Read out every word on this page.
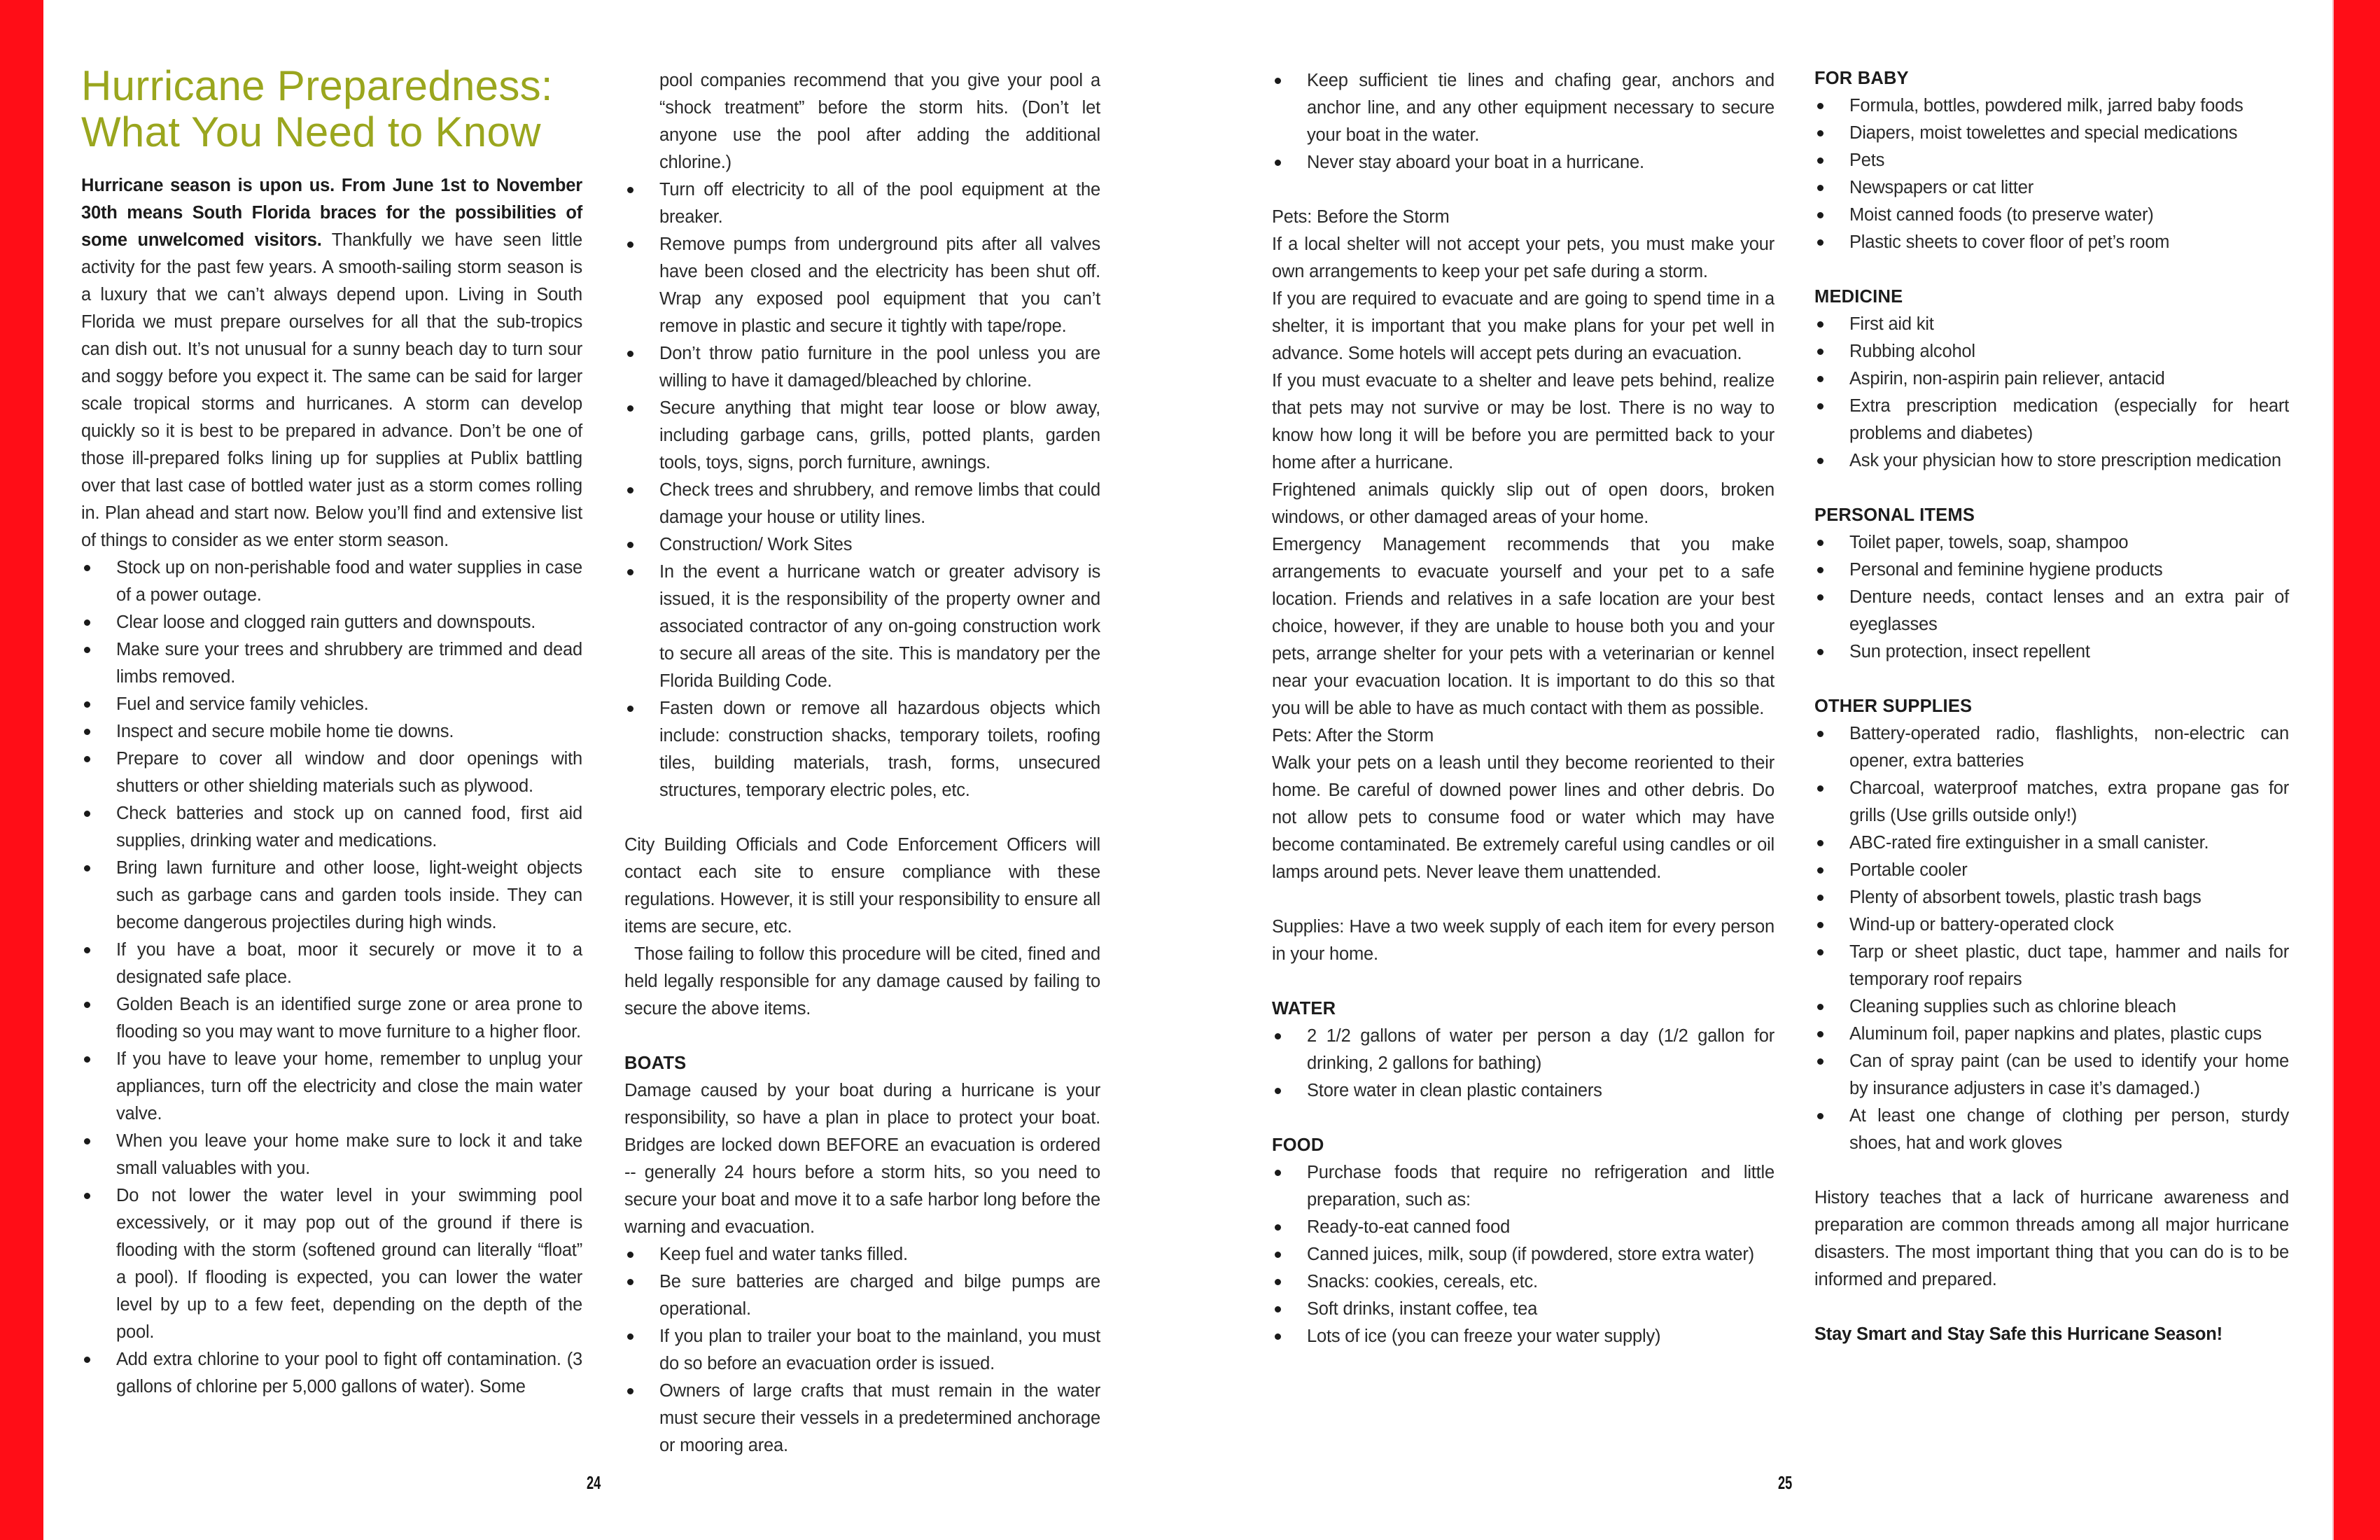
Hurricane Preparedness:
What You Need to Know

Hurricane season is upon us. From June 1st to November 30th means South Florida braces for the possibilities of some unwelcomed visitors. Thankfully we have seen little activity for the past few years. A smooth-sailing storm season is a luxury that we can’t always depend upon. Living in South Florida we must prepare ourselves for all that the sub-tropics can dish out. It’s not unusual for a sunny beach day to turn sour and soggy before you expect it. The same can be said for larger scale tropical storms and hurricanes. A storm can develop quickly so it is best to be prepared in advance. Don’t be one of those ill-prepared folks lining up for supplies at Publix battling over that last case of bottled water just as a storm comes rolling in. Plan ahead and start now. Below you’ll find and extensive list of things to consider as we enter storm season.

Stock up on non-perishable food and water supplies in case of a power outage.
Clear loose and clogged rain gutters and downspouts.
Make sure your trees and shrubbery are trimmed and dead limbs removed.
Fuel and service family vehicles.
Inspect and secure mobile home tie downs.
Prepare to cover all window and door openings with shutters or other shielding materials such as plywood.
Check batteries and stock up on canned food, first aid supplies, drinking water and medications.
Bring lawn furniture and other loose, light-weight objects such as garbage cans and garden tools inside. They can become dangerous projectiles during high winds.
If you have a boat, moor it securely or move it to a designated safe place.
Golden Beach is an identified surge zone or area prone to flooding so you may want to move furniture to a higher floor.
If you have to leave your home, remember to unplug your appliances, turn off the electricity and close the main water valve.
When you leave your home make sure to lock it and take small valuables with you.
Do not lower the water level in your swimming pool excessively, or it may pop out of the ground if there is flooding with the storm (softened ground can literally “float” a pool). If flooding is expected, you can lower the water level by up to a few feet, depending on the depth of the pool.
Add extra chlorine to your pool to fight off contamination. (3 gallons of chlorine per 5,000 gallons of water). Some

pool companies recommend that you give your pool a “shock treatment” before the storm hits. (Don’t let anyone use the pool after adding the additional chlorine.)

Turn off electricity to all of the pool equipment at the breaker.
Remove pumps from underground pits after all valves have been closed and the electricity has been shut off. Wrap any exposed pool equipment that you can’t remove in plastic and secure it tightly with tape/rope.
Don’t throw patio furniture in the pool unless you are willing to have it damaged/bleached by chlorine.
Secure anything that might tear loose or blow away, including garbage cans, grills, potted plants, garden tools, toys, signs, porch furniture, awnings.
Check trees and shrubbery, and remove limbs that could damage your house or utility lines.
Construction/ Work Sites
In the event a hurricane watch or greater advisory is issued, it is the responsibility of the property owner and associated contractor of any on-going construction work to secure all areas of the site. This is mandatory per the Florida Building Code.
Fasten down or remove all hazardous objects which include: construction shacks, temporary toilets, roofing tiles, building materials, trash, forms, unsecured structures, temporary electric poles, etc.

City Building Officials and Code Enforcement Officers will contact each site to ensure compliance with these regulations. However, it is still your responsibility to ensure all items are secure, etc.

Those failing to follow this procedure will be cited, fined and held legally responsible for any damage caused by failing to secure the above items.

BOATS

Damage caused by your boat during a hurricane is your responsibility, so have a plan in place to protect your boat. Bridges are locked down BEFORE an evacuation is ordered -- generally 24 hours before a storm hits, so you need to secure your boat and move it to a safe harbor long before the warning and evacuation.

Keep fuel and water tanks filled.
Be sure batteries are charged and bilge pumps are operational.
If you plan to trailer your boat to the mainland, you must do so before an evacuation order is issued.
Owners of large crafts that must remain in the water must secure their vessels in a predetermined anchorage or mooring area.
24
Keep sufficient tie lines and chafing gear, anchors and anchor line, and any other equipment necessary to secure your boat in the water.
Never stay aboard your boat in a hurricane.

Pets: Before the Storm

If a local shelter will not accept your pets, you must make your own arrangements to keep your pet safe during a storm.

If you are required to evacuate and are going to spend time in a shelter, it is important that you make plans for your pet well in advance. Some hotels will accept pets during an evacuation.

If you must evacuate to a shelter and leave pets behind, realize that pets may not survive or may be lost. There is no way to know how long it will be before you are permitted back to your home after a hurricane.

Frightened animals quickly slip out of open doors, broken windows, or other damaged areas of your home.

Emergency Management recommends that you make arrangements to evacuate yourself and your pet to a safe location. Friends and relatives in a safe location are your best choice, however, if they are unable to house both you and your pets, arrange shelter for your pets with a veterinarian or kennel near your evacuation location. It is important to do this so that you will be able to have as much contact with them as possible.

Pets: After the Storm

Walk your pets on a leash until they become reoriented to their home. Be careful of downed power lines and other debris. Do not allow pets to consume food or water which may have become contaminated. Be extremely careful using candles or oil lamps around pets. Never leave them unattended.

Supplies: Have a two week supply of each item for every person in your home.

WATER

2 1/2 gallons of water per person a day (1/2 gallon for drinking, 2 gallons for bathing)
Store water in clean plastic containers

FOOD

Purchase foods that require no refrigeration and little preparation, such as:
Ready-to-eat canned food
Canned juices, milk, soup (if powdered, store extra water)
Snacks: cookies, cereals, etc.
Soft drinks, instant coffee, tea
Lots of ice (you can freeze your water supply)

FOR BABY

Formula, bottles, powdered milk, jarred baby foods
Diapers, moist towelettes and special medications
Pets
Newspapers or cat litter
Moist canned foods (to preserve water)
Plastic sheets to cover floor of pet’s room

MEDICINE

First aid kit
Rubbing alcohol
Aspirin, non-aspirin pain reliever, antacid
Extra prescription medication (especially for heart problems and diabetes)
Ask your physician how to store prescription medication

PERSONAL ITEMS

Toilet paper, towels, soap, shampoo
Personal and feminine hygiene products
Denture needs, contact lenses and an extra pair of eyeglasses
Sun protection, insect repellent

OTHER SUPPLIES

Battery-operated radio, flashlights, non-electric can opener, extra batteries
Charcoal, waterproof matches, extra propane gas for grills (Use grills outside only!)
ABC-rated fire extinguisher in a small canister.
Portable cooler
Plenty of absorbent towels, plastic trash bags
Wind-up or battery-operated clock
Tarp or sheet plastic, duct tape, hammer and nails for temporary roof repairs
Cleaning supplies such as chlorine bleach
Aluminum foil, paper napkins and plates, plastic cups
Can of spray paint (can be used to identify your home by insurance adjusters in case it’s damaged.)
At least one change of clothing per person, sturdy shoes, hat and work gloves

History teaches that a lack of hurricane awareness and preparation are common threads among all major hurricane disasters. The most important thing that you can do is to be informed and prepared.

Stay Smart and Stay Safe this Hurricane Season!

25
